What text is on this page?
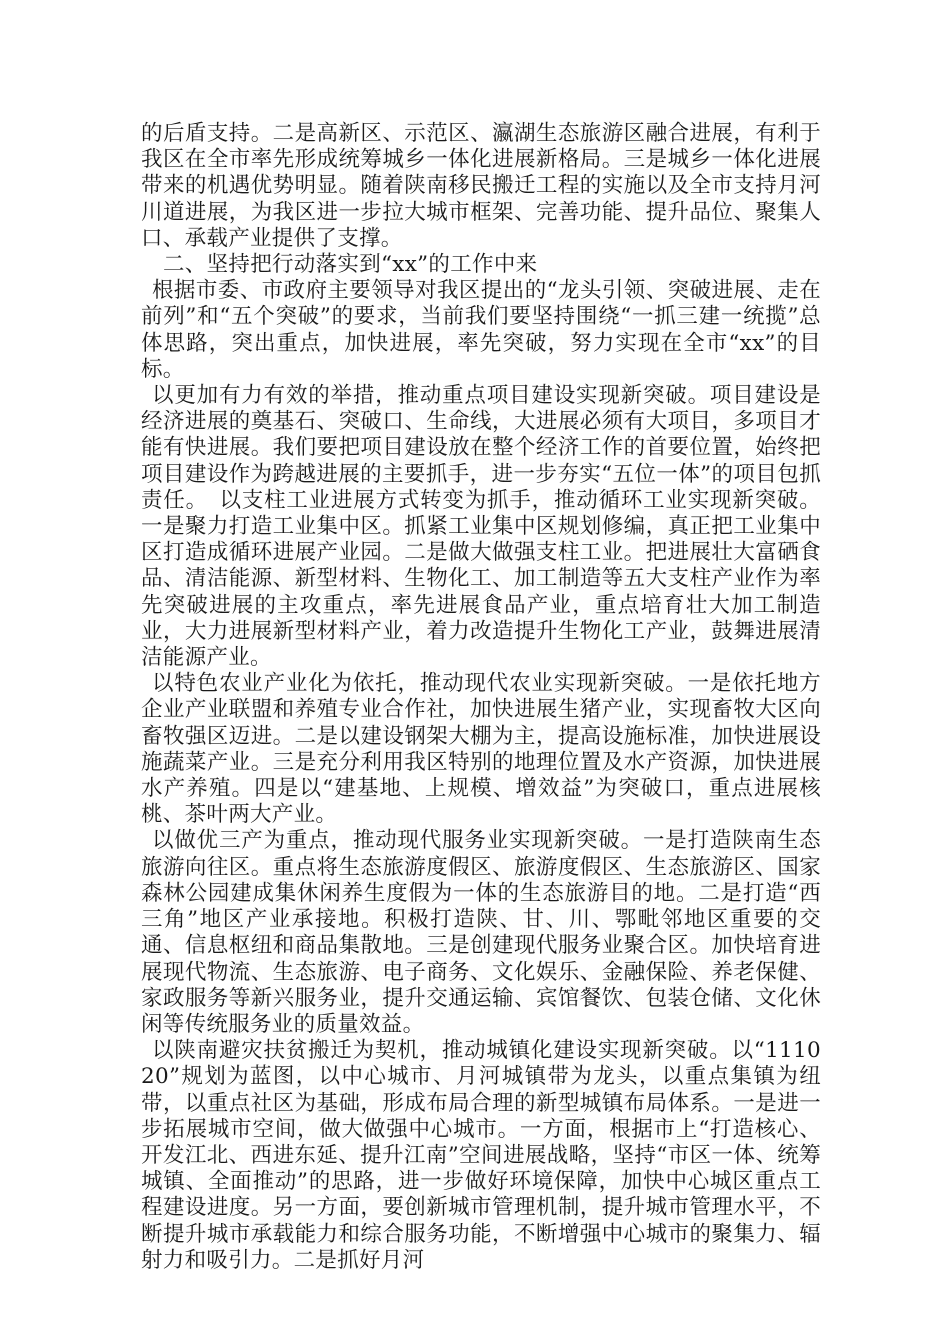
的后盾支持。二是高新区、示范区、瀛湖生态旅游区融合进展，有利于我区在全市率先形成统筹城乡一体化进展新格局。三是城乡一体化进展带来的机遇优势明显。随着陕南移民搬迁工程的实施以及全市支持月河川道进展，为我区进一步拉大城市框架、完善功能、提升品位、聚集人口、承载产业提供了支撑。

二、坚持把行动落实到“xx”的工作中来

根据市委、市政府主要领导对我区提出的“龙头引领、突破进展、走在前列”和“五个突破”的要求，当前我们要坚持围绕“一抓三建一统揽”总体思路，突出重点，加快进展，率先突破，努力实现在全市“xx”的目标。

以更加有力有效的举措，推动重点项目建设实现新突破。项目建设是经济进展的奠基石、突破口、生命线，大进展必须有大项目，多项目才能有快进展。我们要把项目建设放在整个经济工作的首要位置，始终把项目建设作为跨越进展的主要抓手，进一步夯实“五位一体”的项目包抓责任。　以支柱工业进展方式转变为抓手，推动循环工业实现新突破。一是聚力打造工业集中区。抓紧工业集中区规划修编，真正把工业集中区打造成循环进展产业园。二是做大做强支柱工业。把进展壮大富硒食品、清洁能源、新型材料、生物化工、加工制造等五大支柱产业作为率先突破进展的主攻重点，率先进展食品产业，重点培育壮大加工制造业，大力进展新型材料产业，着力改造提升生物化工产业，鼓舞进展清洁能源产业。

以特色农业产业化为依托，推动现代农业实现新突破。一是依托地方企业产业联盟和养殖专业合作社，加快进展生猪产业，实现畜牧大区向畜牧强区迈进。二是以建设钢架大棚为主，提高设施标准，加快进展设施蔬菜产业。三是充分利用我区特别的地理位置及水产资源，加快进展水产养殖。四是以“建基地、上规模、增效益”为突破口，重点进展核桃、茶叶两大产业。

以做优三产为重点，推动现代服务业实现新突破。一是打造陕南生态旅游向往区。重点将生态旅游度假区、旅游度假区、生态旅游区、国家森林公园建成集休闲养生度假为一体的生态旅游目的地。二是打造“西三角”地区产业承接地。积极打造陕、甘、川、鄂毗邻地区重要的交通、信息枢纽和商品集散地。三是创建现代服务业聚合区。加快培育进展现代物流、生态旅游、电子商务、文化娱乐、金融保险、养老保健、家政服务等新兴服务业，提升交通运输、宾馆餐饮、包装仓储、文化休闲等传统服务业的质量效益。

以陕南避灾扶贫搬迁为契机，推动城镇化建设实现新突破。以“111020”规划为蓝图，以中心城市、月河城镇带为龙头，以重点集镇为纽带，以重点社区为基础，形成布局合理的新型城镇布局体系。一是进一步拓展城市空间，做大做强中心城市。一方面，根据市上“打造核心、开发江北、西进东延、提升江南”空间进展战略，坚持“市区一体、统筹城镇、全面推动”的思路，进一步做好环境保障，加快中心城区重点工程建设进度。另一方面，要创新城市管理机制，提升城市管理水平，不断提升城市承载能力和综合服务功能，不断增强中心城市的聚集力、辐射力和吸引力。二是抓好月河
